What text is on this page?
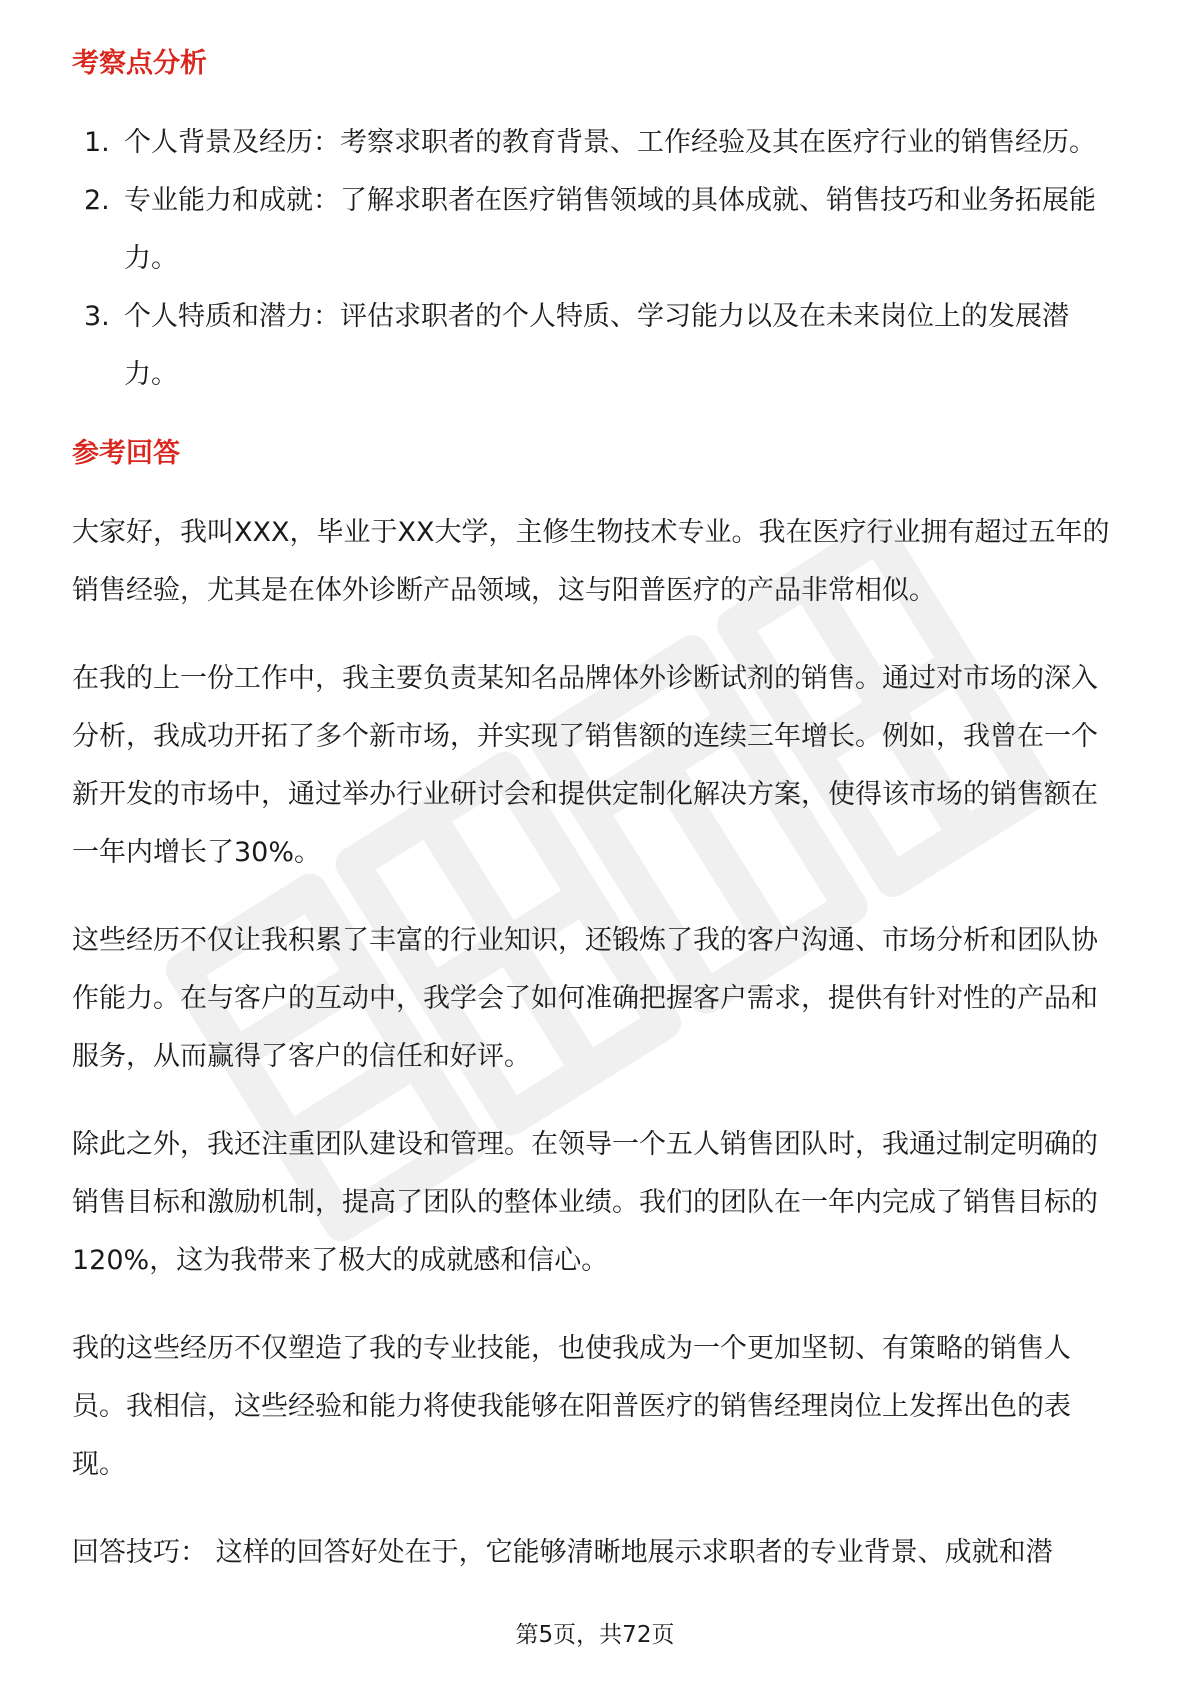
考察点分析
1. 个人背景及经历：考察求职者的教育背景、工作经验及其在医疗行业的销售经历。
2. 专业能力和成就：了解求职者在医疗销售领域的具体成就、销售技巧和业务拓展能力。
3. 个人特质和潜力：评估求职者的个人特质、学习能力以及在未来岗位上的发展潜力。
参考回答

大家好，我叫XXX，毕业于XX大学，主修生物技术专业。我在医疗行业拥有超过五年的销售经验，尤其是在体外诊断产品领域，这与阳普医疗的产品非常相似。

在我的上一份工作中，我主要负责某知名品牌体外诊断试剂的销售。通过对市场的深入分析，我成功开拓了多个新市场，并实现了销售额的连续三年增长。例如，我曾在一个新开发的市场中，通过举办行业研讨会和提供定制化解决方案，使得该市场的销售额在一年内增长了30%。

这些经历不仅让我积累了丰富的行业知识，还锻炼了我的客户沟通、市场分析和团队协作能力。在与客户的互动中，我学会了如何准确把握客户需求，提供有针对性的产品和服务，从而赢得了客户的信任和好评。

除此之外，我还注重团队建设和管理。在领导一个五人销售团队时，我通过制定明确的销售目标和激励机制，提高了团队的整体业绩。我们的团队在一年内完成了销售目标的120%，这为我带来了极大的成就感和信心。

我的这些经历不仅塑造了我的专业技能，也使我成为一个更加坚韧、有策略的销售人员。我相信，这些经验和能力将使我能够在阳普医疗的销售经理岗位上发挥出色的表现。

回答技巧： 这样的回答好处在于，它能够清晰地展示求职者的专业背景、成就和潜

第5页，共72页
